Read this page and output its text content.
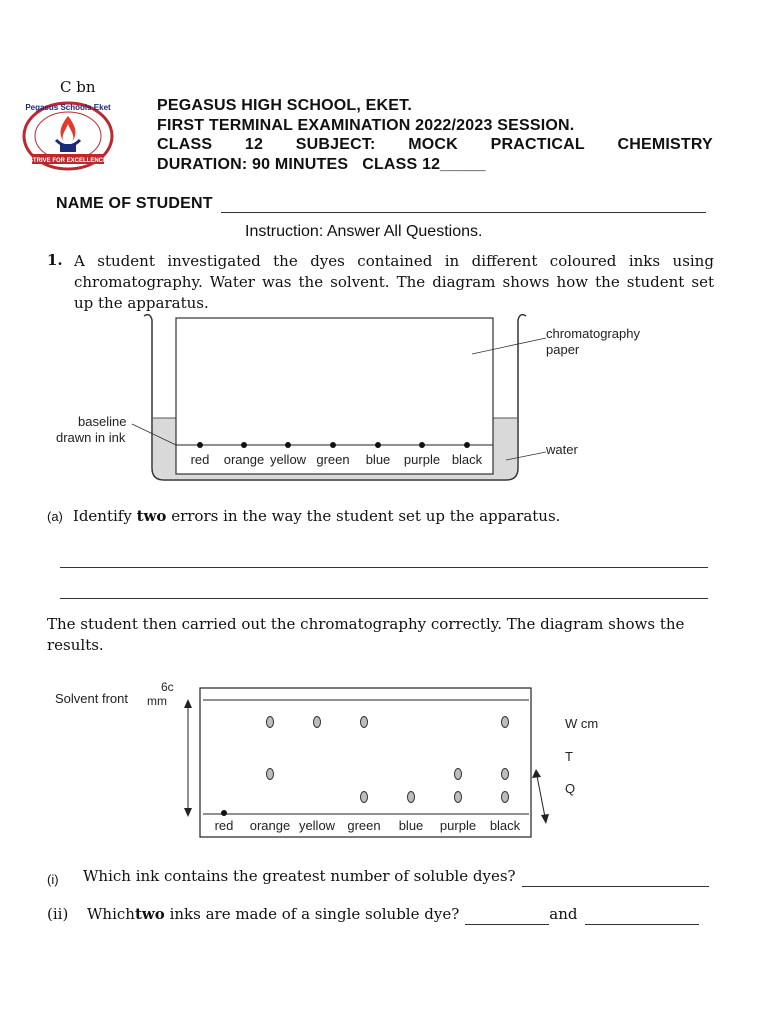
C bn
STRIVE FOR EXCELLENCE
Pegasus Schools Eket	PEGASUS HIGH SCHOOL, EKET.
FIRST TERMINAL EXAMINATION 2022/2023 SESSION.
CLASS 12 SUBJECT: MOCK PRACTICAL CHEMISTRY
DURATION: 90 MINUTES   CLASS 12_____
NAME OF STUDENT
Instruction: Answer All Questions.
1. A student investigated the dyes contained in different coloured inks using
chromatography. Water was the solvent. The diagram shows how the student set
up the apparatus.
red orange yellow green blue purple black
chromatography
paper
baseline
drawn in ink
water
(a) Identify two errors in the way the student set up the apparatus.
The student then carried out the chromatography correctly. The diagram shows the
results.
Solvent front
6c
mm
red orange yellow green blue purple black
W cm
T
Q
(i)	Which ink contains the greatest number of soluble dyes?
(ii)	Which two inks are made of a single soluble dye?	and
